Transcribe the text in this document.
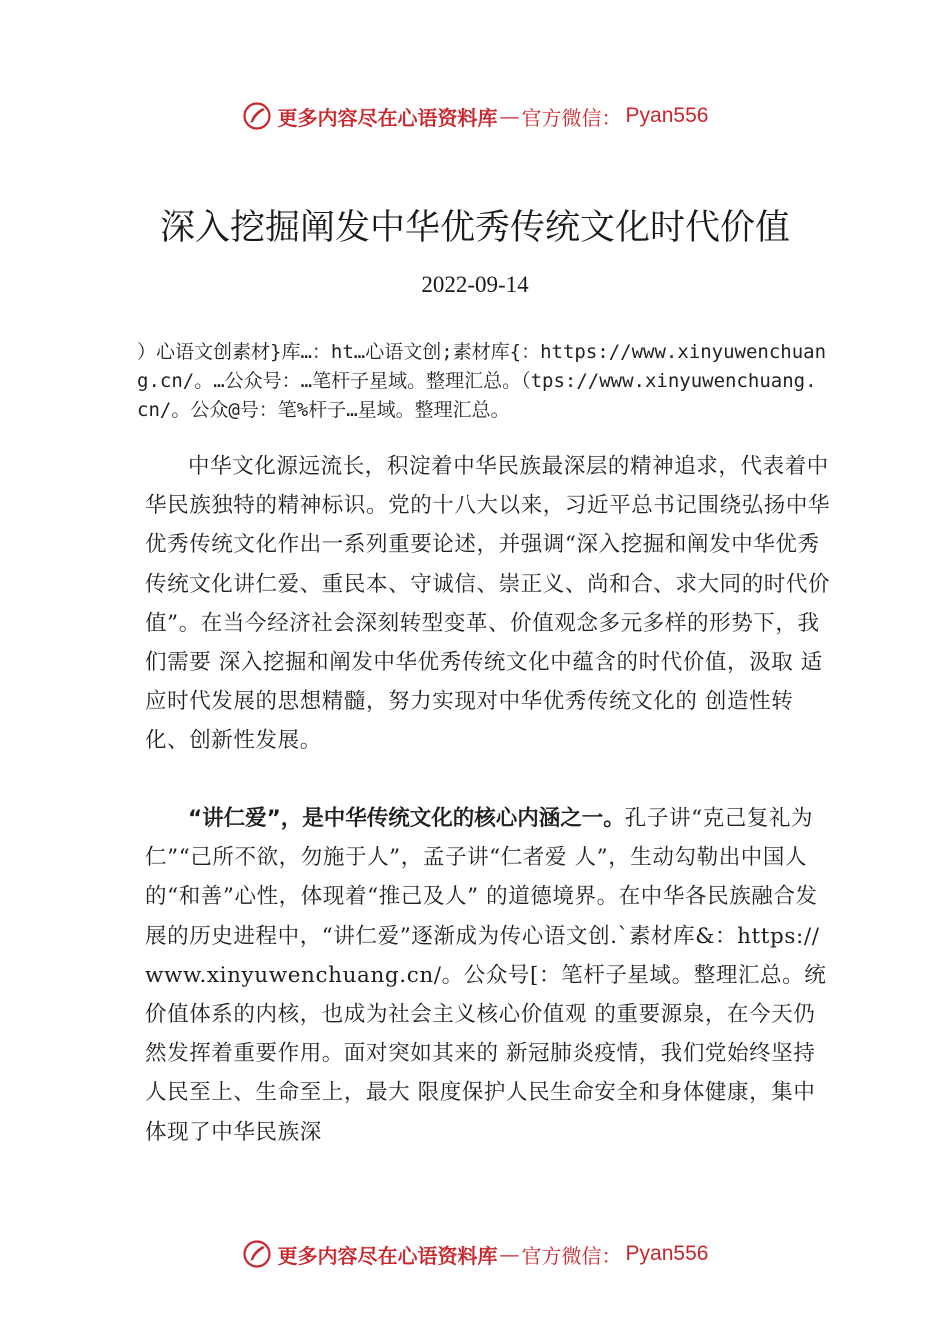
更多内容尽在心语资料库 — 官方微信： Pyan556
深入挖掘阐发中华优秀传统文化时代价值
2022-09-14
）心语文创素材}库…：ht…心语文创;素材库{：https://www.xinyuwenchuang.cn/。…公众号：…笔杆子星域。整理汇总。（tps://www.xinyuwenchuang.cn/。公众@号：笔%杆子…星域。整理汇总。
中华文化源远流长，积淀着中华民族最深层的精神追求，代表着中华民族独特的精神标识。党的十八大以来，习近平总书记围绕弘扬中华优秀传统文化作出一系列重要论述，并强调“深入挖掘和阐发中华优秀传统文化讲仁爱、重民本、守诚信、崇正义、尚和合、求大同的时代价值”。在当今经济社会深刻转型变革、价值观念多元多样的形势下，我们需要 深入挖掘和阐发中华优秀传统文化中蕴含的时代价值，汲取 适应时代发展的思想精髓，努力实现对中华优秀传统文化的 创造性转化、创新性发展。
“讲仁爱”，是中华传统文化的核心内涵之一。孔子讲“克己复礼为仁”“己所不欲，勿施于人”，孟子讲“仁者爱 人”，生动勾勒出中国人的“和善”心性，体现着“推己及人” 的道德境界。在中华各民族融合发展的历史进程中，“讲仁爱”逐渐成为传心语文创.`素材库&：https://www.xinyuwenchuang.cn/。公众号[：笔杆子星域。整理汇总。统价值体系的内核，也成为社会主义核心价值观 的重要源泉，在今天仍然发挥着重要作用。面对突如其来的 新冠肺炎疫情，我们党始终坚持人民至上、生命至上，最大 限度保护人民生命安全和身体健康，集中体现了中华民族深
更多内容尽在心语资料库 — 官方微信： Pyan556
